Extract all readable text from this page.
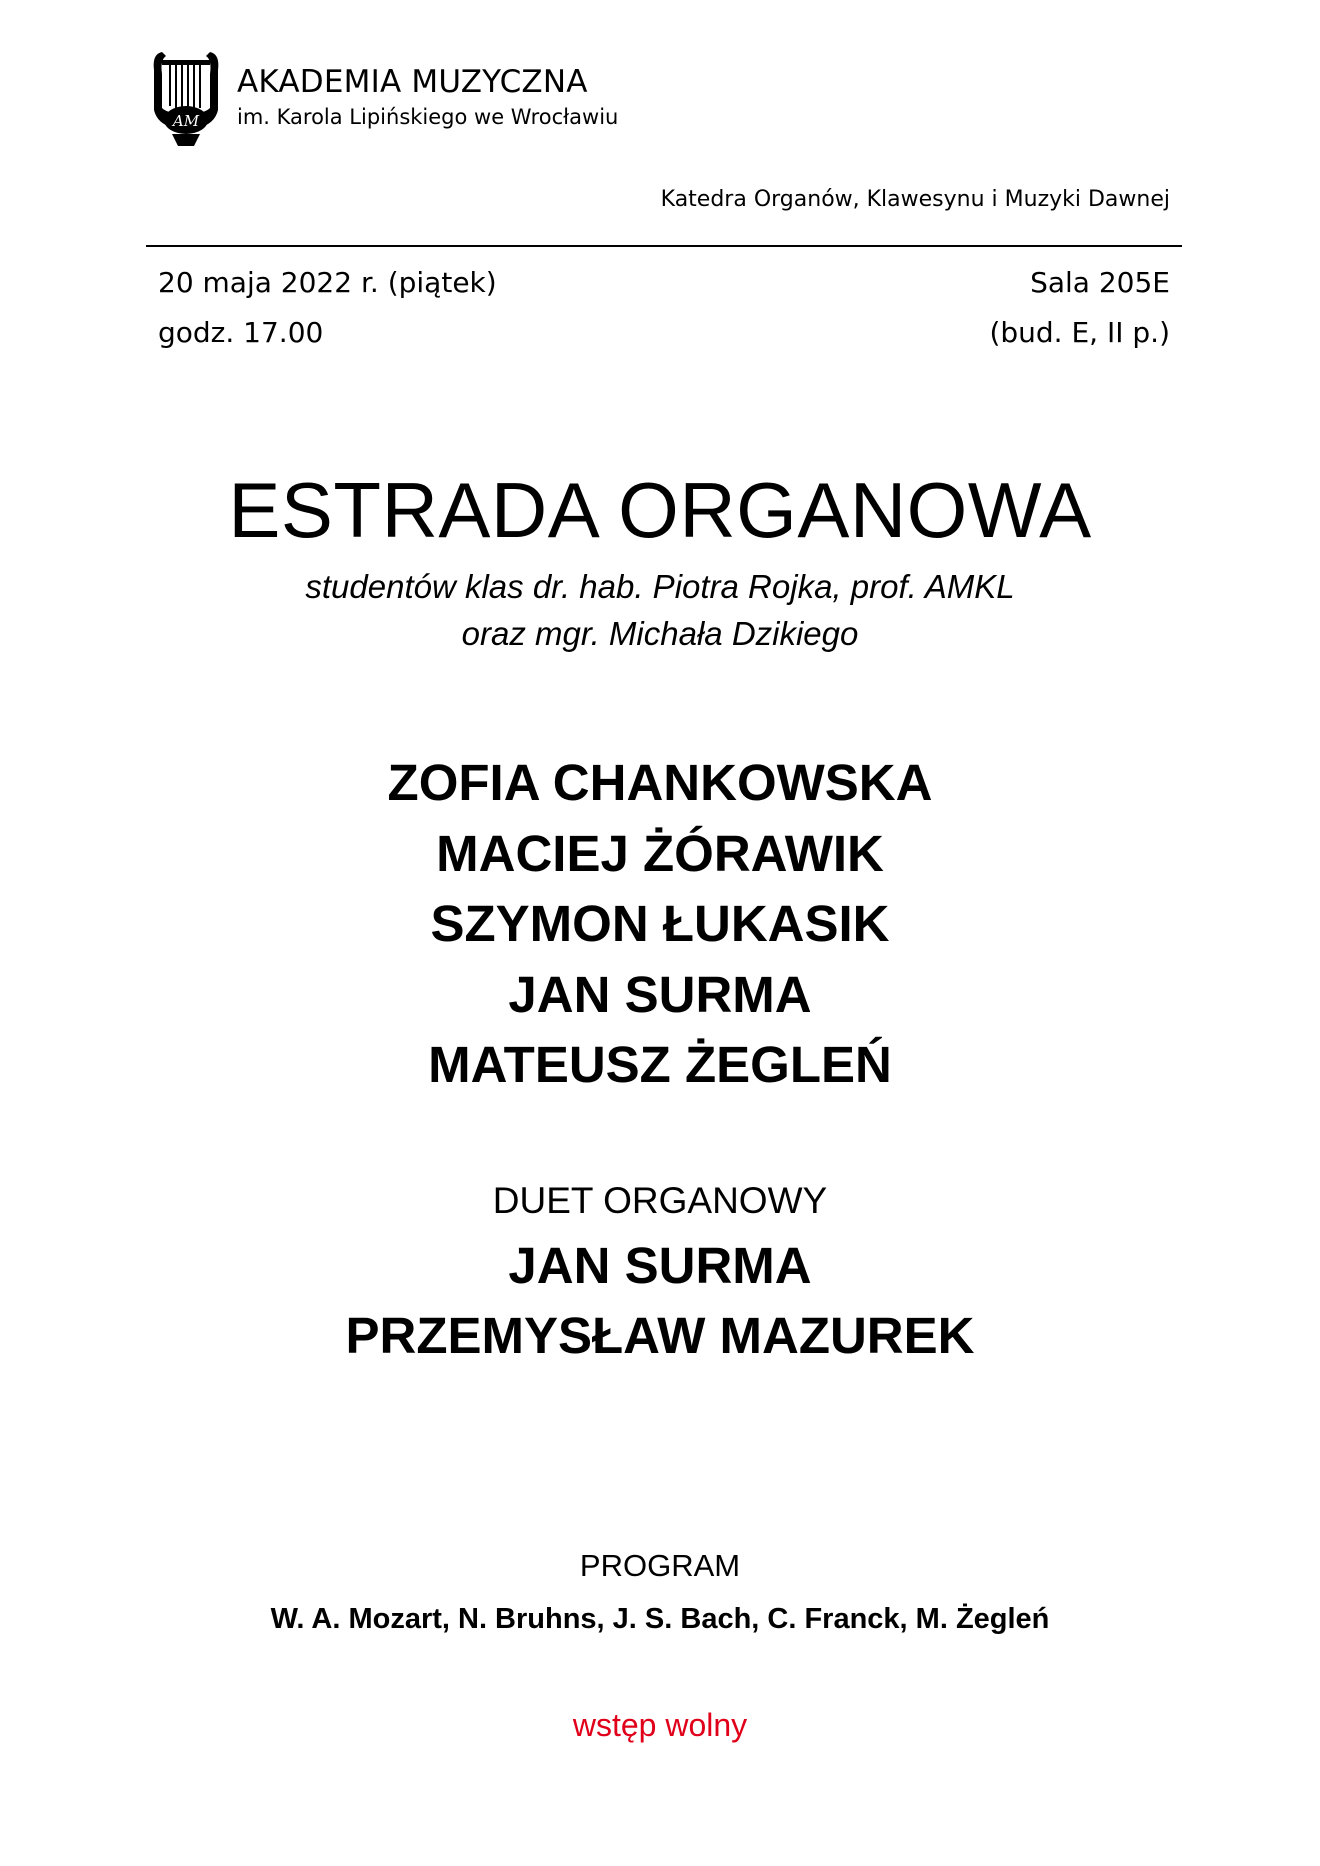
AM
AKADEMIA MUZYCZNA
im. Karola Lipińskiego we Wrocławiu
Katedra Organów, Klawesynu i Muzyki Dawnej
20 maja 2022 r. (piątek)
godz. 17.00
Sala 205E
(bud. E, II p.)
ESTRADA ORGANOWA
studentów klas dr. hab. Piotra Rojka, prof. AMKL
oraz mgr. Michała Dzikiego
ZOFIA CHANKOWSKA
MACIEJ ŻÓRAWIK
SZYMON ŁUKASIK
JAN SURMA
MATEUSZ ŻEGLEŃ
DUET ORGANOWY
JAN SURMA
PRZEMYSŁAW MAZUREK
PROGRAM
W. A. Mozart, N. Bruhns, J. S. Bach, C. Franck, M. Żegleń
wstęp wolny
